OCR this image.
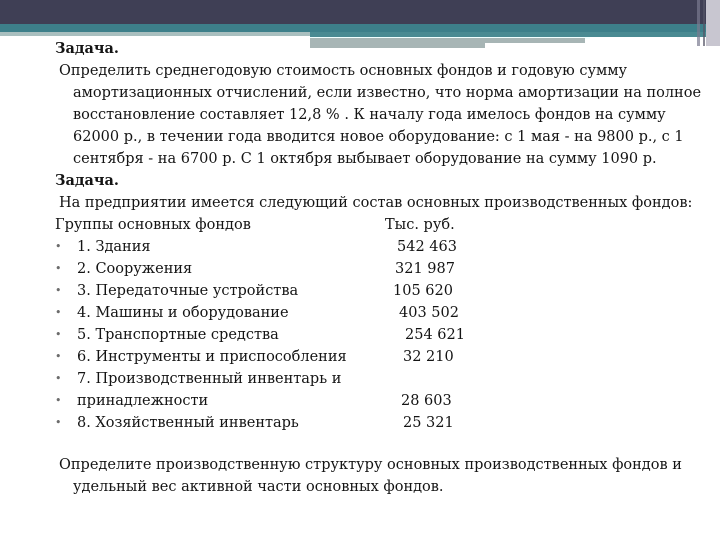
Задача.
Определить среднегодовую стоимость основных фондов и годовую сумму амортизационных отчислений, если известно, что норма амортизации на полное восстановление составляет 12,8 % . К началу года имелось фондов на сумму 62000 р., в течении года вводится новое оборудование: с 1 мая - на 9800 р., с 1 сентября - на 6700 р. С 1 октября выбывает оборудование на сумму 1090 р.
Задача.
На предприятии имеется следующий состав основных производственных фондов:
Группы основных фондов	Тыс. руб.
• 1. Здания	542 463
• 2. Сооружения	321 987
• 3. Передаточные устройства	105 620
• 4. Машины и оборудование	403 502
• 5. Транспортные средства	254 621
• 6. Инструменты и приспособления	32 210
• 7. Производственный инвентарь и
• принадлежности	28 603
• 8. Хозяйственный инвентарь	25 321
Определите производственную структуру основных производственных фондов и удельный вес активной части основных фондов.
